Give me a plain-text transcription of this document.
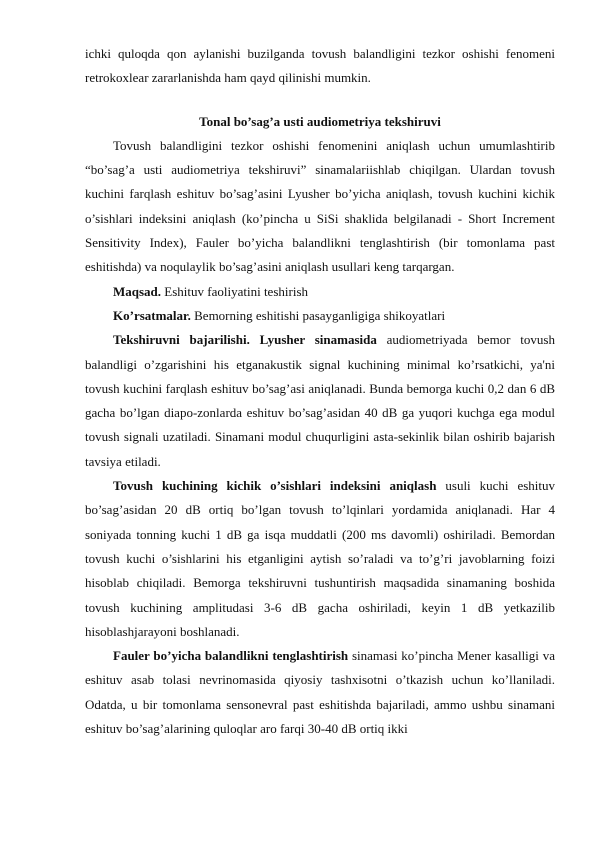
ichki quloqda qon aylanishi buzilganda tovush balandligini tezkor oshishi fenomeni retrokoxlear zararlanishda ham qayd qilinishi mumkin.

Tonal bo’sag’a usti audiometriya tekshiruvi

Tovush balandligini tezkor oshishi fenomenini aniqlash uchun umumlashtirib “bo’sag’a usti audiometriya tekshiruvi” sinamalariishlab chiqilgan. Ulardan tovush kuchini farqlash eshituv bo’sag’asini Lyusher bo’yicha aniqlash, tovush kuchini kichik o’sishlari indeksini aniqlash (ko’pincha u SiSi shaklida belgilanadi - Short Increment Sensitivity Index), Fauler bo’yicha balandlikni tenglashtirish (bir tomonlama past eshitishda) va noqulaylik bo’sag’asini aniqlash usullari keng tarqargan.

Maqsad. Eshituv faoliyatini teshirish

Ko’rsatmalar. Bemorning eshitishi pasayganligiga shikoyatlari

Tekshiruvni bajarilishi. Lyusher sinamasida audiometriyada bemor tovush balandligi o’zgarishini his etganakustik signal kuchining minimal ko’rsatkichi, ya'ni tovush kuchini farqlash eshituv bo’sag’asi aniqlanadi. Bunda bemorga kuchi 0,2 dan 6 dB gacha bo’lgan diapo-zonlarda eshituv bo’sag’asidan 40 dB ga yuqori kuchga ega modul tovush signali uzatiladi. Sinamani modul chuqurligini asta-sekinlik bilan oshirib bajarish tavsiya etiladi.

Tovush kuchining kichik o’sishlari indeksini aniqlash usuli kuchi eshituv bo’sag’asidan 20 dB ortiq bo’lgan tovush to’lqinlari yordamida aniqlanadi. Har 4 soniyada tonning kuchi 1 dB ga isqa muddatli (200 ms davomli) oshiriladi. Bemordan tovush kuchi o’sishlarini his etganligini aytish so’raladi va to’g’ri javoblarning foizi hisoblab chiqiladi. Bemorga tekshiruvni tushuntirish maqsadida sinamaning boshida tovush kuchining amplitudasi 3-6 dB gacha oshiriladi, keyin 1 dB yetkazilib hisoblashjarayoni boshlanadi.

Fauler bo’yicha balandlikni tenglashtirish sinamasi ko’pincha Mener kasalligi va eshituv asab tolasi nevrinomasida qiyosiy tashxisotni o’tkazish uchun ko’llaniladi. Odatda, u bir tomonlama sensonevral past eshitishda bajariladi, ammo ushbu sinamani eshituv bo’sag’alarining quloqlar aro farqi 30-40 dB ortiq ikki
